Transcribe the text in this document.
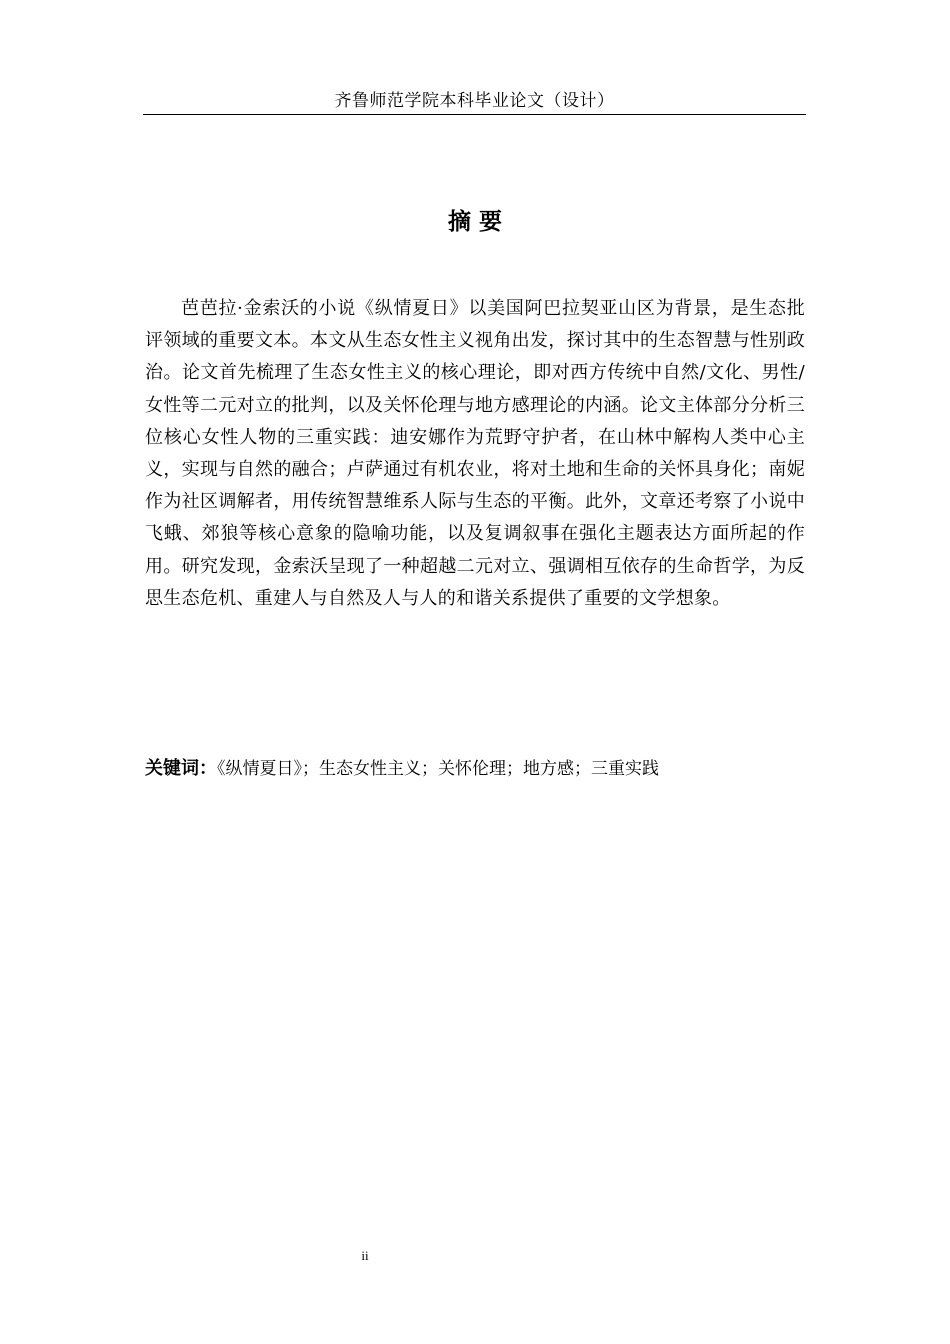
齐鲁师范学院本科毕业论文（设计）
摘 要

芭芭拉·金索沃的小说《纵情夏日》以美国阿巴拉契亚山区为背景，是生态批评领域的重要文本。本文从生态女性主义视角出发，探讨其中的生态智慧与性别政治。论文首先梳理了生态女性主义的核心理论，即对西方传统中自然/文化、男性/女性等二元对立的批判，以及关怀伦理与地方感理论的内涵。论文主体部分分析三位核心女性人物的三重实践：迪安娜作为荒野守护者，在山林中解构人类中心主义，实现与自然的融合；卢萨通过有机农业，将对土地和生命的关怀具身化；南妮作为社区调解者，用传统智慧维系人际与生态的平衡。此外，文章还考察了小说中飞蛾、郊狼等核心意象的隐喻功能，以及复调叙事在强化主题表达方面所起的作用。研究发现，金索沃呈现了一种超越二元对立、强调相互依存的生命哲学，为反思生态危机、重建人与自然及人与人的和谐关系提供了重要的文学想象。

关键词：《纵情夏日》；生态女性主义；关怀伦理；地方感；三重实践
ii
